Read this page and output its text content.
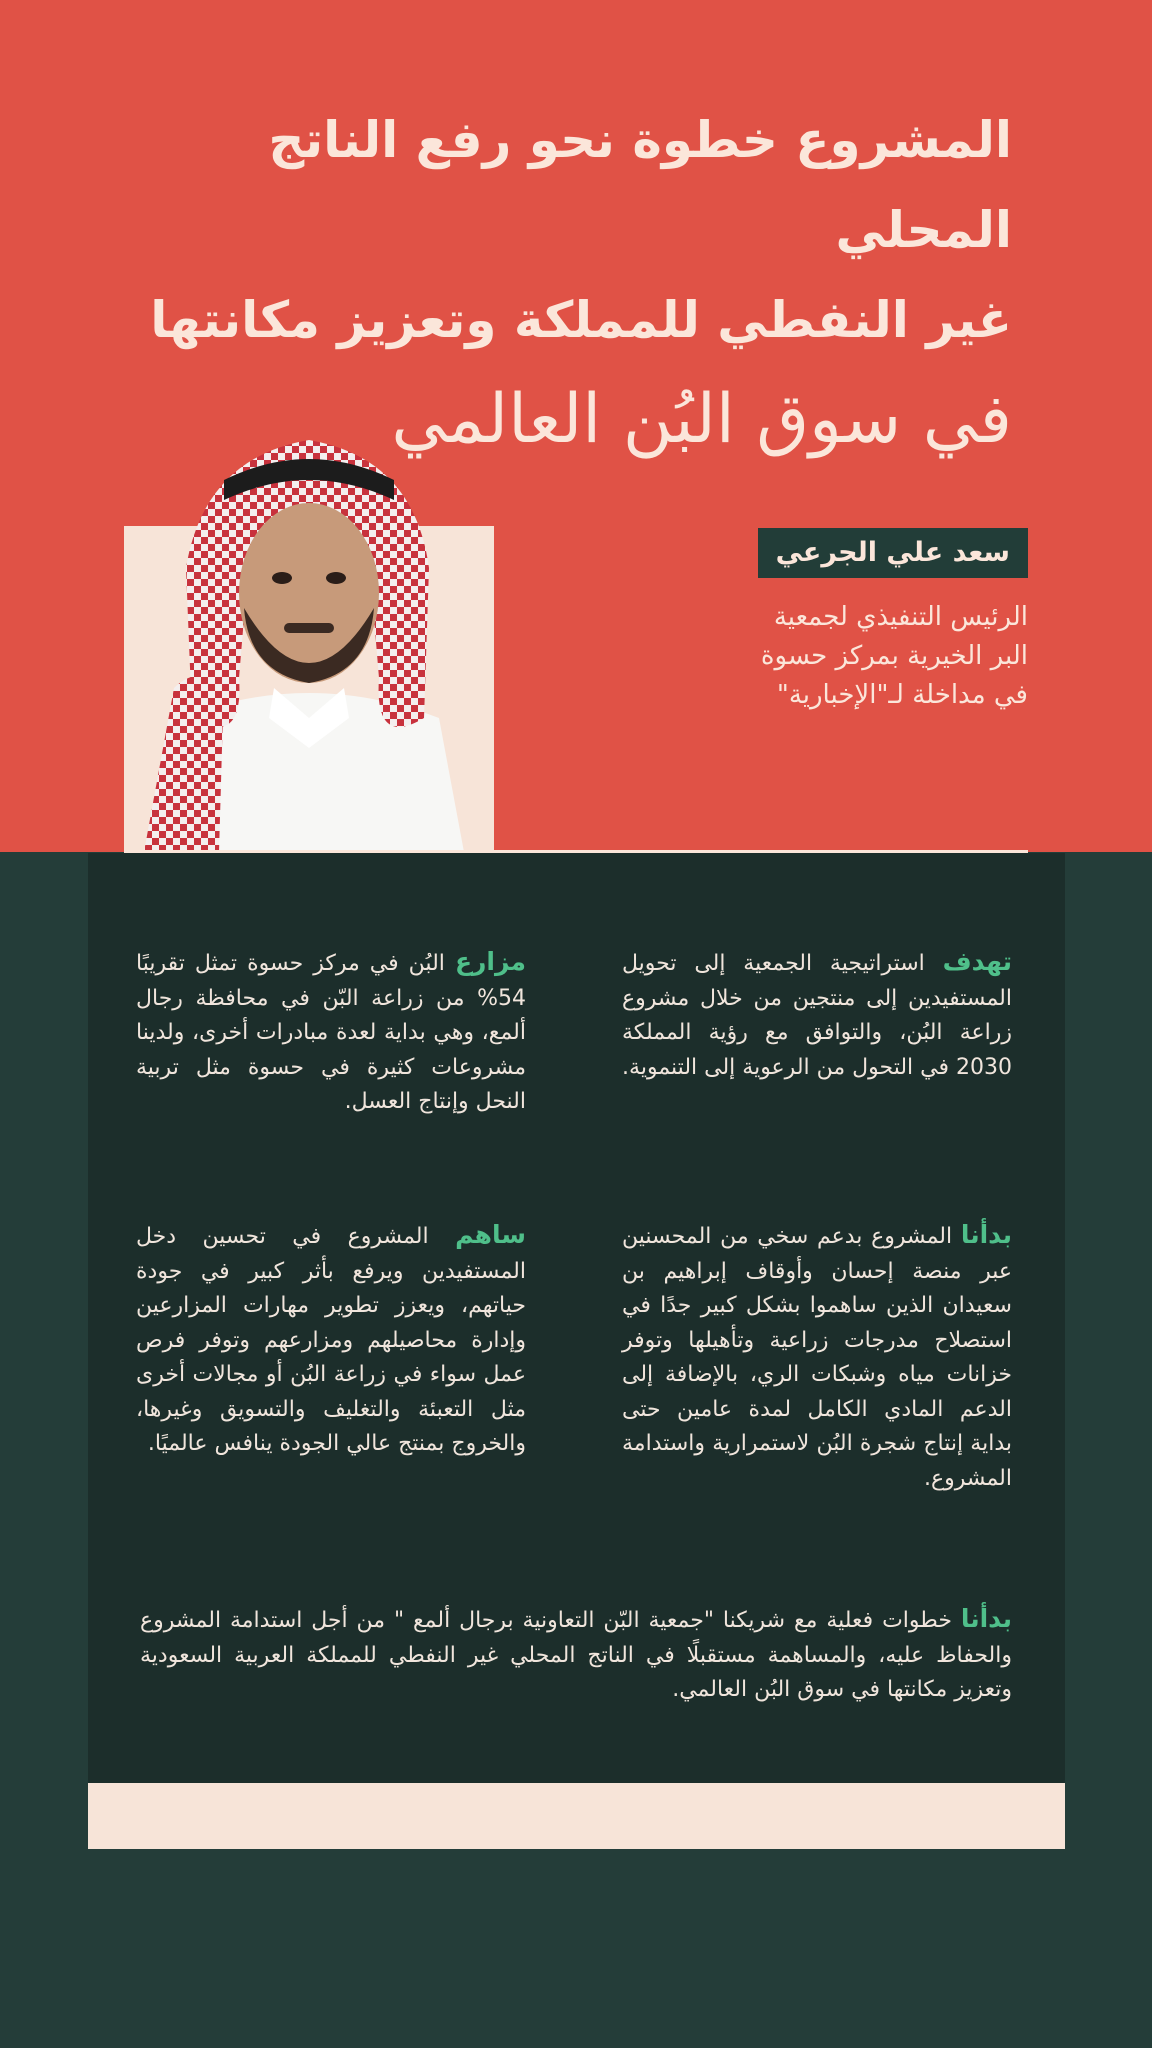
المشروع خطوة نحو رفع الناتج المحلي
غير النفطي للمملكة وتعزيز مكانتها
في سوق البُن العالمي
سعد علي الجرعي
الرئيس التنفيذي لجمعية
البر الخيرية بمركز حسوة
في مداخلة لـ"الإخبارية"
تهدف استراتيجية الجمعية إلى تحويل المستفيدين إلى منتجين من خلال مشروع زراعة البُن، والتوافق مع رؤية المملكة 2030 في التحول من الرعوية إلى التنموية.
مزارع البُن في مركز حسوة تمثل تقريبًا 54% من زراعة البّن في محافظة رجال ألمع، وهي بداية لعدة مبادرات أخرى، ولدينا مشروعات كثيرة في حسوة مثل تربية النحل وإنتاج العسل.
بدأنا المشروع بدعم سخي من المحسنين عبر منصة إحسان وأوقاف إبراهيم بن سعيدان الذين ساهموا بشكل كبير جدًا في استصلاح مدرجات زراعية وتأهيلها وتوفر خزانات مياه وشبكات الري، بالإضافة إلى الدعم المادي الكامل لمدة عامين حتى بداية إنتاج شجرة البُن لاستمرارية واستدامة المشروع.
ساهم المشروع في تحسين دخل المستفيدين ويرفع بأثر كبير في جودة حياتهم، ويعزز تطوير مهارات المزارعين وإدارة محاصيلهم ومزارعهم وتوفر فرص عمل سواء في زراعة البُن أو مجالات أخرى مثل التعبئة والتغليف والتسويق وغيرها، والخروج بمنتج عالي الجودة ينافس عالميًا.
بدأنا خطوات فعلية مع شريكنا "جمعية البّن التعاونية برجال ألمع " من أجل استدامة المشروع والحفاظ عليه، والمساهمة مستقبلًا في الناتج المحلي غير النفطي للمملكة العربية السعودية وتعزيز مكانتها في سوق البُن العالمي.
